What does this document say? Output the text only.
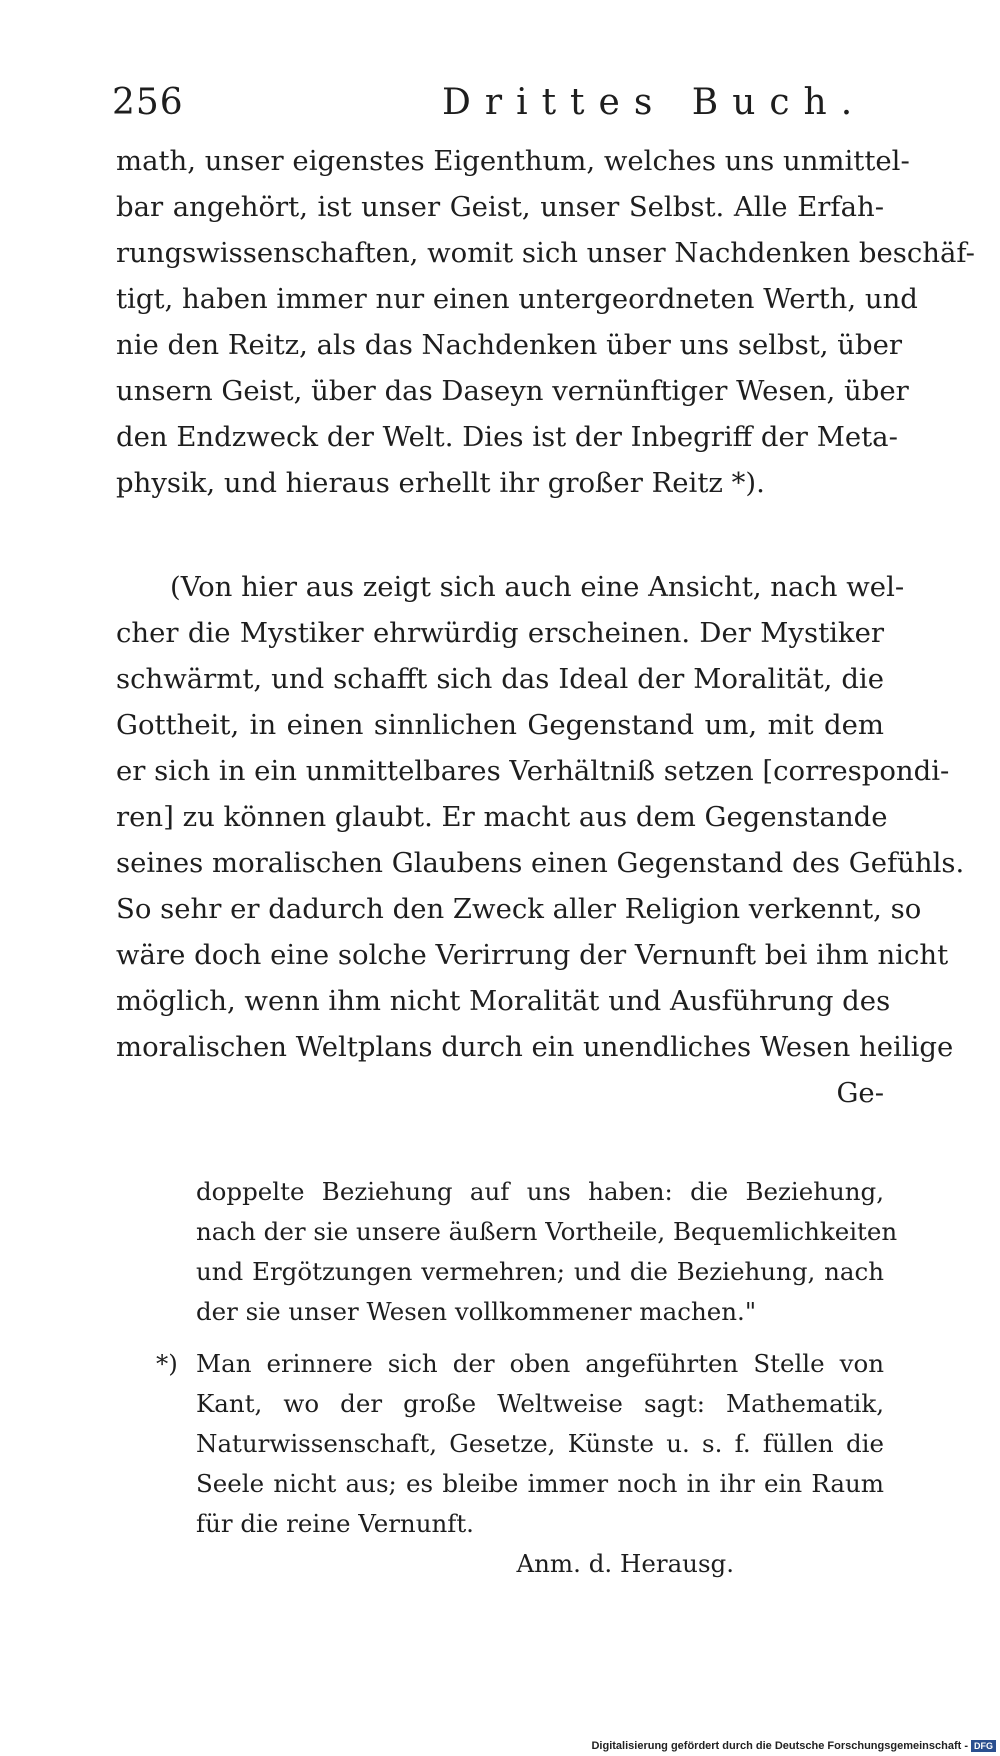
256	Drittes Buch.
math, unser eigenstes Eigenthum, welches uns unmittel-
bar angehört, ist unser Geist, unser Selbst. Alle Erfah-
rungswissenschaften, womit sich unser Nachdenken beschäf-
tigt, haben immer nur einen untergeordneten Werth, und
nie den Reitz, als das Nachdenken über uns selbst, über
unsern Geist, über das Daseyn vernünftiger Wesen, über
den Endzweck der Welt. Dies ist der Inbegriff der Meta-
physik, und hieraus erhellt ihr großer Reitz *).
(Von hier aus zeigt sich auch eine Ansicht, nach wel-
cher die Mystiker ehrwürdig erscheinen. Der Mystiker
schwärmt, und schafft sich das Ideal der Moralität, die
Gottheit, in einen sinnlichen Gegenstand um, mit dem
er sich in ein unmittelbares Verhältniß setzen [correspondi-
ren] zu können glaubt. Er macht aus dem Gegenstande
seines moralischen Glaubens einen Gegenstand des Gefühls.
So sehr er dadurch den Zweck aller Religion verkennt, so
wäre doch eine solche Verirrung der Vernunft bei ihm nicht
möglich, wenn ihm nicht Moralität und Ausführung des
moralischen Weltplans durch ein unendliches Wesen heilige
Ge-
doppelte Beziehung auf uns haben: die Beziehung,
nach der sie unsere äußern Vortheile, Bequemlichkeiten
und Ergötzungen vermehren; und die Beziehung, nach
der sie unser Wesen vollkommener machen."
*) Man erinnere sich der oben angeführten Stelle von
Kant, wo der große Weltweise sagt: Mathematik,
Naturwissenschaft, Gesetze, Künste u. s. f. füllen die
Seele nicht aus; es bleibe immer noch in ihr ein Raum
für die reine Vernunft.
Anm. d. Herausg.
Digitalisierung gefördert durch die Deutsche Forschungsgemeinschaft - DFG
